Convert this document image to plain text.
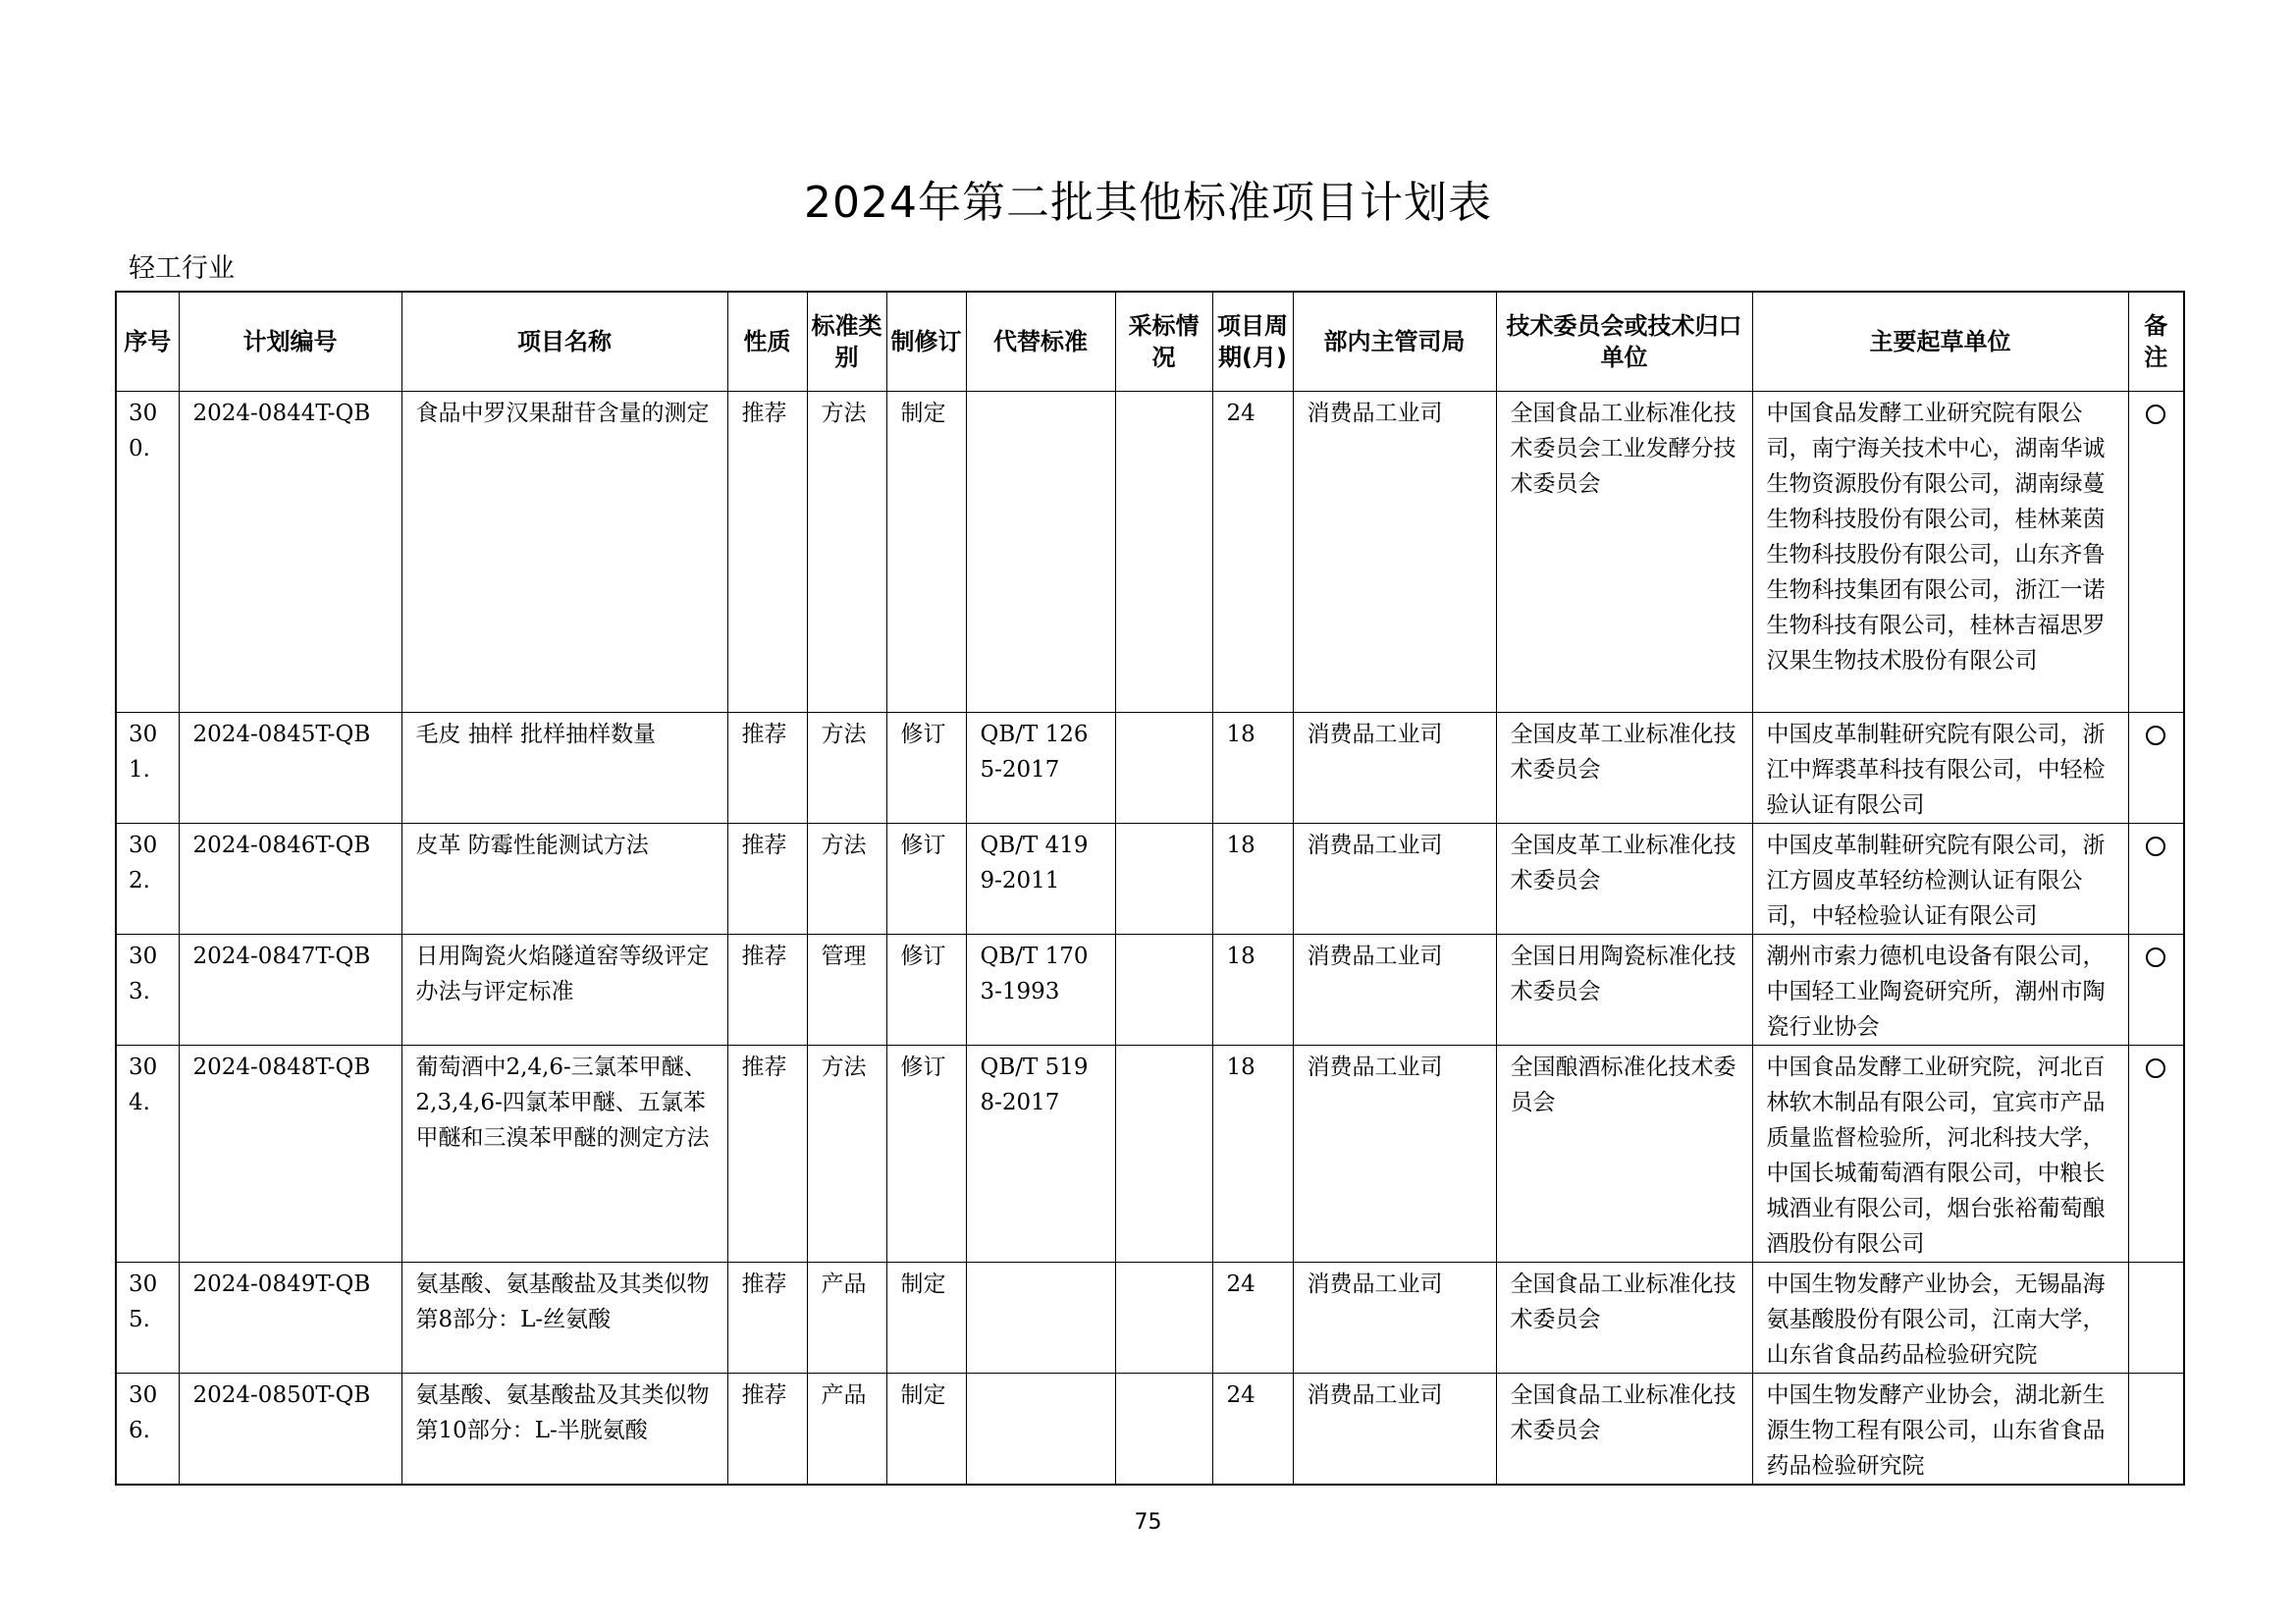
2024年第二批其他标准项目计划表
轻工行业
序号	计划编号	项目名称	性质	标准类别	制修订	代替标准	采标情况	项目周期(月)	部内主管司局	技术委员会或技术归口单位	主要起草单位	备注
300.	2024-0844T-QB	食品中罗汉果甜苷含量的测定	推荐	方法	制定			24	消费品工业司	全国食品工业标准化技术委员会工业发酵分技术委员会	中国食品发酵工业研究院有限公司，南宁海关技术中心，湖南华诚生物资源股份有限公司，湖南绿蔓生物科技股份有限公司，桂林莱茵生物科技股份有限公司，山东齐鲁生物科技集团有限公司，浙江一诺生物科技有限公司，桂林吉福思罗汉果生物技术股份有限公司	
301.	2024-0845T-QB	毛皮 抽样 批样抽样数量	推荐	方法	修订	QB/T 1265-2017		18	消费品工业司	全国皮革工业标准化技术委员会	中国皮革制鞋研究院有限公司，浙江中辉裘革科技有限公司，中轻检验认证有限公司	
302.	2024-0846T-QB	皮革 防霉性能测试方法	推荐	方法	修订	QB/T 4199-2011		18	消费品工业司	全国皮革工业标准化技术委员会	中国皮革制鞋研究院有限公司，浙江方圆皮革轻纺检测认证有限公司，中轻检验认证有限公司	
303.	2024-0847T-QB	日用陶瓷火焰隧道窑等级评定办法与评定标准	推荐	管理	修订	QB/T 1703-1993		18	消费品工业司	全国日用陶瓷标准化技术委员会	潮州市索力德机电设备有限公司，中国轻工业陶瓷研究所，潮州市陶瓷行业协会	
304.	2024-0848T-QB	葡萄酒中2,4,6-三氯苯甲醚、2,3,4,6-四氯苯甲醚、五氯苯甲醚和三溴苯甲醚的测定方法	推荐	方法	修订	QB/T 5198-2017		18	消费品工业司	全国酿酒标准化技术委员会	中国食品发酵工业研究院，河北百林软木制品有限公司，宜宾市产品质量监督检验所，河北科技大学，中国长城葡萄酒有限公司，中粮长城酒业有限公司，烟台张裕葡萄酿酒股份有限公司	
305.	2024-0849T-QB	氨基酸、氨基酸盐及其类似物 第8部分：L-丝氨酸	推荐	产品	制定			24	消费品工业司	全国食品工业标准化技术委员会	中国生物发酵产业协会，无锡晶海氨基酸股份有限公司，江南大学，山东省食品药品检验研究院	
306.	2024-0850T-QB	氨基酸、氨基酸盐及其类似物 第10部分：L-半胱氨酸	推荐	产品	制定			24	消费品工业司	全国食品工业标准化技术委员会	中国生物发酵产业协会，湖北新生源生物工程有限公司，山东省食品药品检验研究院	
75
